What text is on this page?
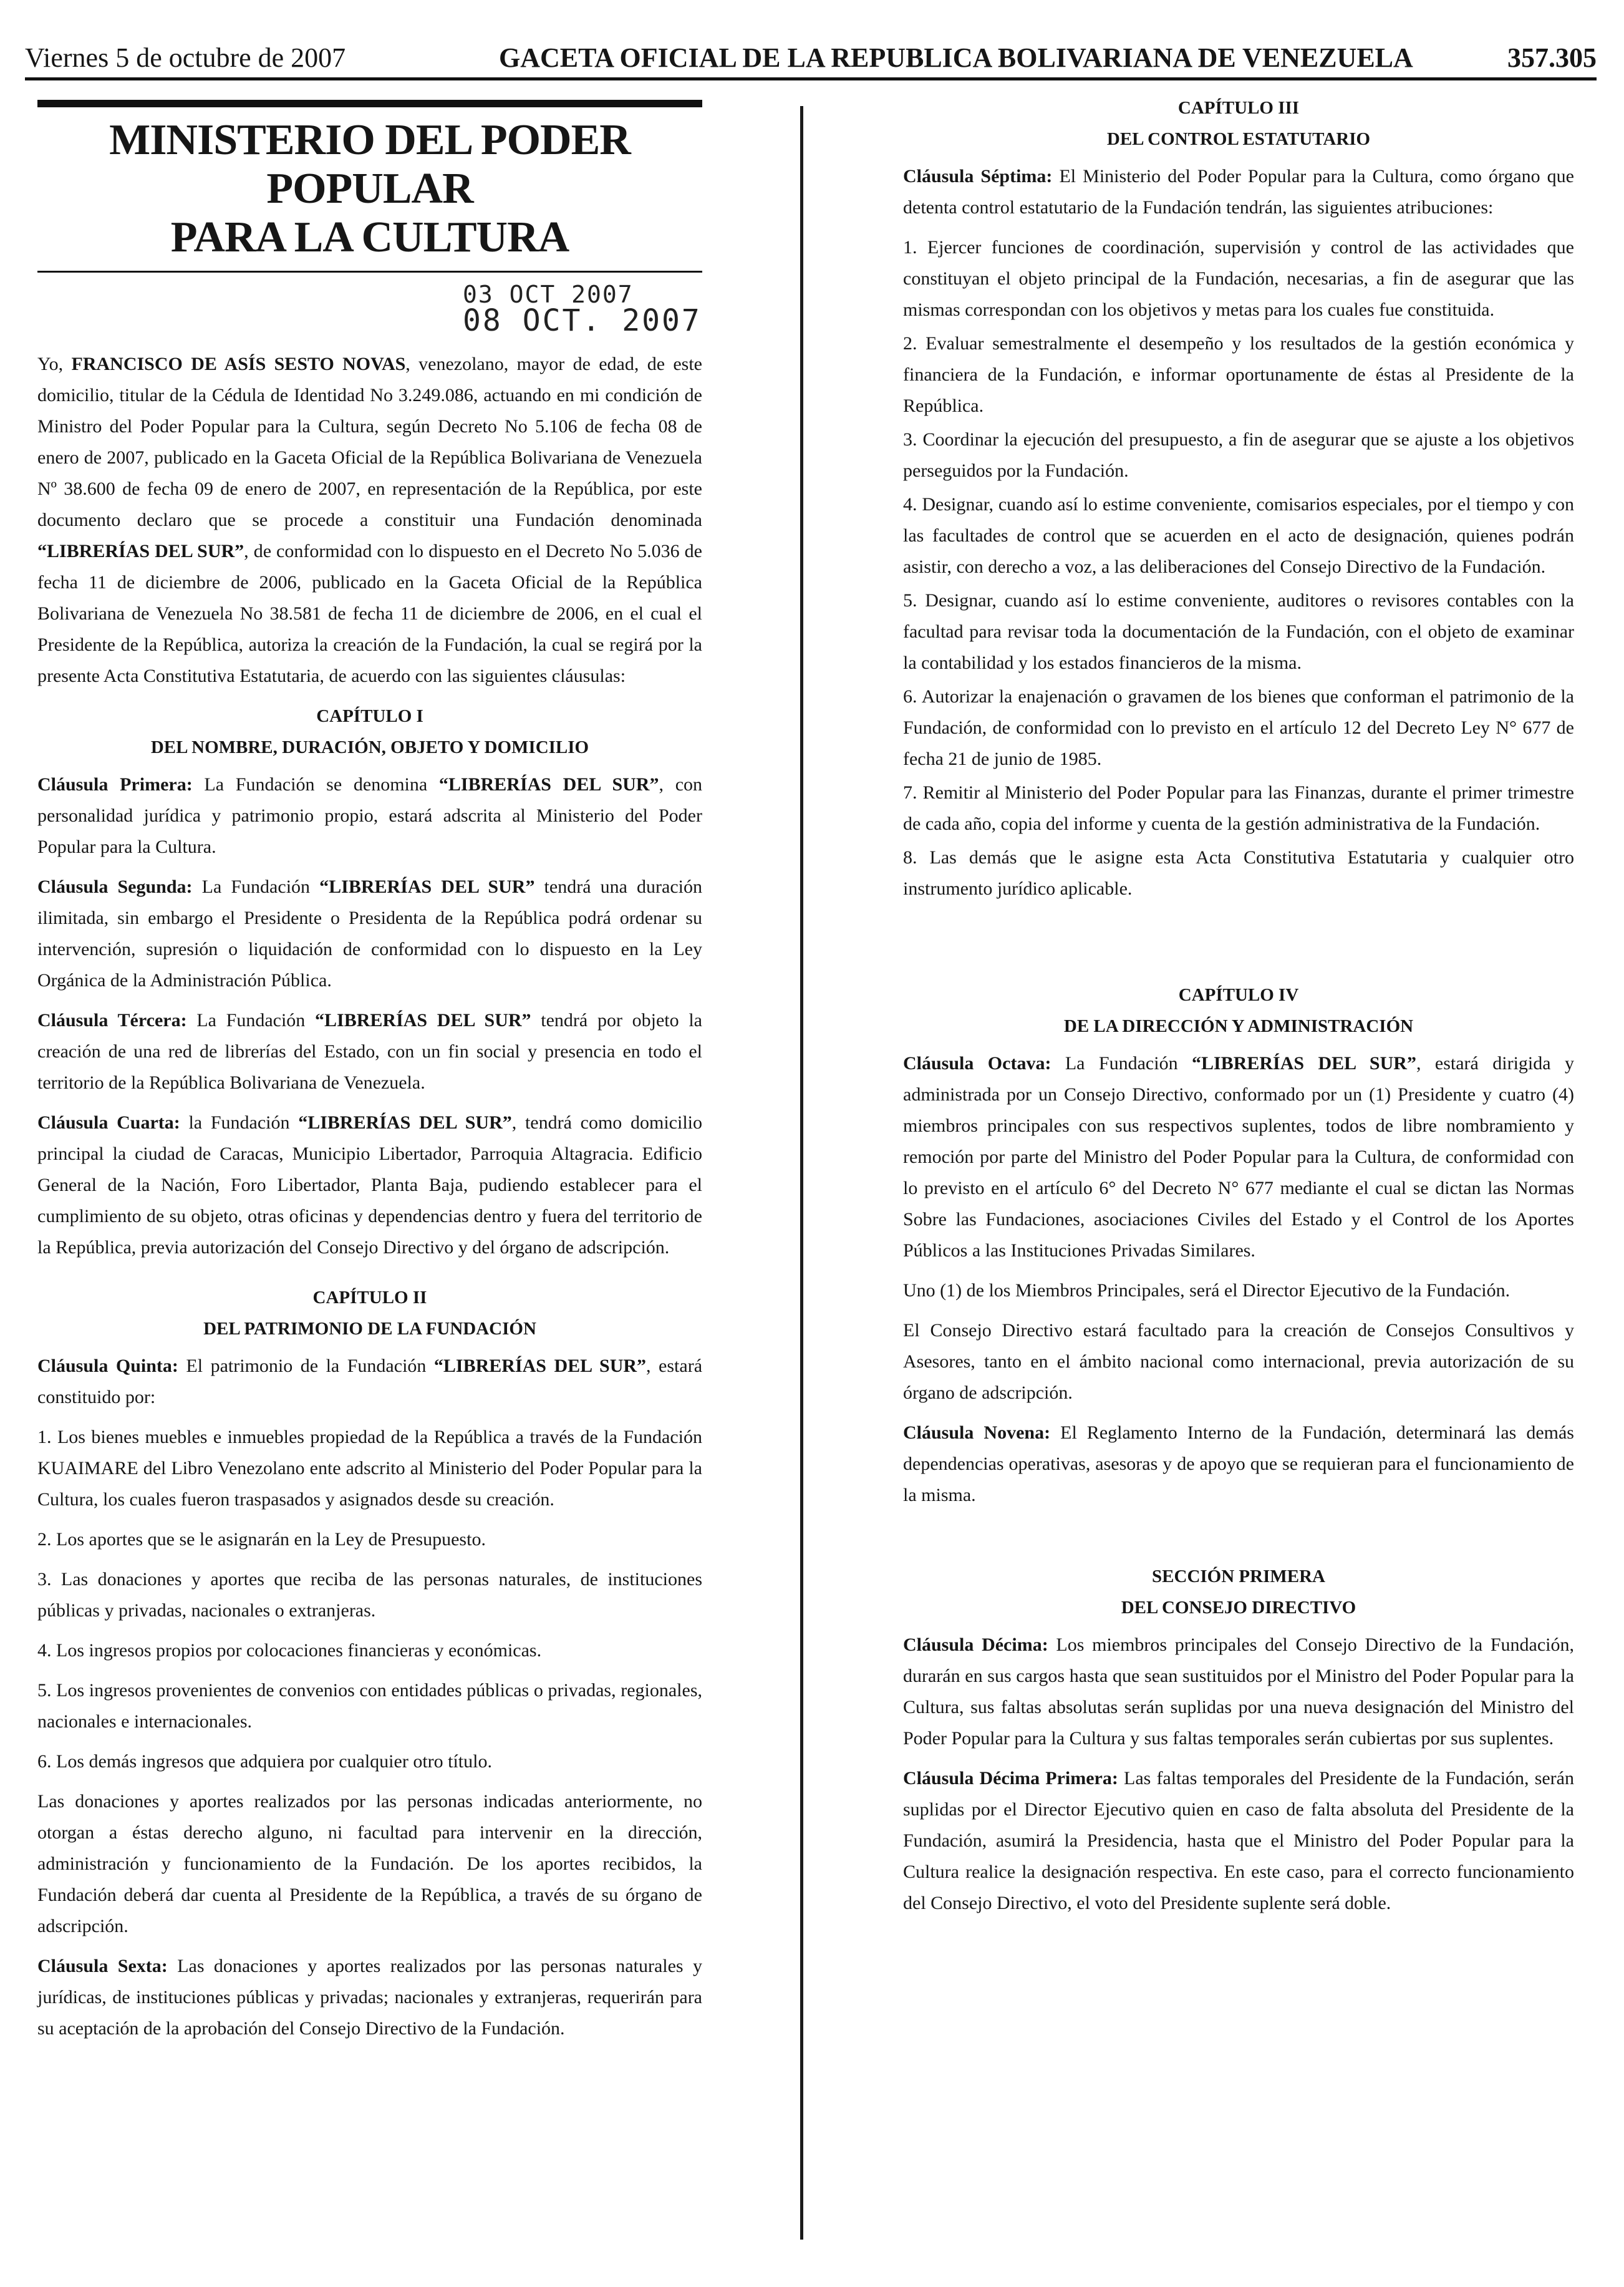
Viernes 5 de octubre de 2007	GACETA OFICIAL DE LA REPUBLICA BOLIVARIANA DE VENEZUELA	357.305

MINISTERIO DEL PODER POPULAR

PARA LA CULTURA

03 OCT 2007
08 OCT. 2007

Yo, FRANCISCO DE ASÍS SESTO NOVAS, venezolano, mayor de edad, de este domicilio, titular de la Cédula de Identidad No 3.249.086, actuando en mi condición de Ministro del Poder Popular para la Cultura, según Decreto No 5.106 de fecha 08 de enero de 2007, publicado en la Gaceta Oficial de la República Bolivariana de Venezuela Nº 38.600 de fecha 09 de enero de 2007, en representación de la República, por este documento declaro que se procede a constituir una Fundación denominada “LIBRERÍAS DEL SUR”, de conformidad con lo dispuesto en el Decreto No 5.036 de fecha 11 de diciembre de 2006, publicado en la Gaceta Oficial de la República Bolivariana de Venezuela No 38.581 de fecha 11 de diciembre de 2006, en el cual el Presidente de la República, autoriza la creación de la Fundación, la cual se regirá por la presente Acta Constitutiva Estatutaria, de acuerdo con las siguientes cláusulas:

CAPÍTULO I
DEL NOMBRE, DURACIÓN, OBJETO Y DOMICILIO

Cláusula Primera: La Fundación se denomina “LIBRERÍAS DEL SUR”, con personalidad jurídica y patrimonio propio, estará adscrita al Ministerio del Poder Popular para la Cultura.

Cláusula Segunda: La Fundación “LIBRERÍAS DEL SUR” tendrá una duración ilimitada, sin embargo el Presidente o Presidenta de la República podrá ordenar su intervención, supresión o liquidación de conformidad con lo dispuesto en la Ley Orgánica de la Administración Pública.

Cláusula Tércera: La Fundación “LIBRERÍAS DEL SUR” tendrá por objeto la creación de una red de librerías del Estado, con un fin social y presencia en todo el territorio de la República Bolivariana de Venezuela.

Cláusula Cuarta: la Fundación “LIBRERÍAS DEL SUR”, tendrá como domicilio principal la ciudad de Caracas, Municipio Libertador, Parroquia Altagracia. Edificio General de la Nación, Foro Libertador, Planta Baja, pudiendo establecer para el cumplimiento de su objeto, otras oficinas y dependencias dentro y fuera del territorio de la República, previa autorización del Consejo Directivo y del órgano de adscripción.

CAPÍTULO II
DEL PATRIMONIO DE LA FUNDACIÓN

Cláusula Quinta: El patrimonio de la Fundación “LIBRERÍAS DEL SUR”, estará constituido por:

1. Los bienes muebles e inmuebles propiedad de la República a través de la Fundación KUAIMARE del Libro Venezolano ente adscrito al Ministerio del Poder Popular para la Cultura, los cuales fueron traspasados y asignados desde su creación.

2. Los aportes que se le asignarán en la Ley de Presupuesto.

3. Las donaciones y aportes que reciba de las personas naturales, de instituciones públicas y privadas, nacionales o extranjeras.

4. Los ingresos propios por colocaciones financieras y económicas.

5. Los ingresos provenientes de convenios con entidades públicas o privadas, regionales, nacionales e internacionales.

6. Los demás ingresos que adquiera por cualquier otro título.

Las donaciones y aportes realizados por las personas indicadas anteriormente, no otorgan a éstas derecho alguno, ni facultad para intervenir en la dirección, administración y funcionamiento de la Fundación. De los aportes recibidos, la Fundación deberá dar cuenta al Presidente de la República, a través de su órgano de adscripción.

Cláusula Sexta: Las donaciones y aportes realizados por las personas naturales y jurídicas, de instituciones públicas y privadas; nacionales y extranjeras, requerirán para su aceptación de la aprobación del Consejo Directivo de la Fundación.

CAPÍTULO III
DEL CONTROL ESTATUTARIO

Cláusula Séptima: El Ministerio del Poder Popular para la Cultura, como órgano que detenta control estatutario de la Fundación tendrán, las siguientes atribuciones:

1. Ejercer funciones de coordinación, supervisión y control de las actividades que constituyan el objeto principal de la Fundación, necesarias, a fin de asegurar que las mismas correspondan con los objetivos y metas para los cuales fue constituida.

2. Evaluar semestralmente el desempeño y los resultados de la gestión económica y financiera de la Fundación, e informar oportunamente de éstas al Presidente de la República.

3. Coordinar la ejecución del presupuesto, a fin de asegurar que se ajuste a los objetivos perseguidos por la Fundación.

4. Designar, cuando así lo estime conveniente, comisarios especiales, por el tiempo y con las facultades de control que se acuerden en el acto de designación, quienes podrán asistir, con derecho a voz, a las deliberaciones del Consejo Directivo de la Fundación.

5. Designar, cuando así lo estime conveniente, auditores o revisores contables con la facultad para revisar toda la documentación de la Fundación, con el objeto de examinar la contabilidad y los estados financieros de la misma.

6. Autorizar la enajenación o gravamen de los bienes que conforman el patrimonio de la Fundación, de conformidad con lo previsto en el artículo 12 del Decreto Ley N° 677 de fecha 21 de junio de 1985.

7. Remitir al Ministerio del Poder Popular para las Finanzas, durante el primer trimestre de cada año, copia del informe y cuenta de la gestión administrativa de la Fundación.

8. Las demás que le asigne esta Acta Constitutiva Estatutaria y cualquier otro instrumento jurídico aplicable.

CAPÍTULO IV
DE LA DIRECCIÓN Y ADMINISTRACIÓN

Cláusula Octava: La Fundación “LIBRERÍAS DEL SUR”, estará dirigida y administrada por un Consejo Directivo, conformado por un (1) Presidente y cuatro (4) miembros principales con sus respectivos suplentes, todos de libre nombramiento y remoción por parte del Ministro del Poder Popular para la Cultura, de conformidad con lo previsto en el artículo 6° del Decreto N° 677 mediante el cual se dictan las Normas Sobre las Fundaciones, asociaciones Civiles del Estado y el Control de los Aportes Públicos a las Instituciones Privadas Similares.

Uno (1) de los Miembros Principales, será el Director Ejecutivo de la Fundación.

El Consejo Directivo estará facultado para la creación de Consejos Consultivos y Asesores, tanto en el ámbito nacional como internacional, previa autorización de su órgano de adscripción.

Cláusula Novena: El Reglamento Interno de la Fundación, determinará las demás dependencias operativas, asesoras y de apoyo que se requieran para el funcionamiento de la misma.

SECCIÓN PRIMERA
DEL CONSEJO DIRECTIVO

Cláusula Décima: Los miembros principales del Consejo Directivo de la Fundación, durarán en sus cargos hasta que sean sustituidos por el Ministro del Poder Popular para la Cultura, sus faltas absolutas serán suplidas por una nueva designación del Ministro del Poder Popular para la Cultura y sus faltas temporales serán cubiertas por sus suplentes.

Cláusula Décima Primera: Las faltas temporales del Presidente de la Fundación, serán suplidas por el Director Ejecutivo quien en caso de falta absoluta del Presidente de la Fundación, asumirá la Presidencia, hasta que el Ministro del Poder Popular para la Cultura realice la designación respectiva. En este caso, para el correcto funcionamiento del Consejo Directivo, el voto del Presidente suplente será doble.
